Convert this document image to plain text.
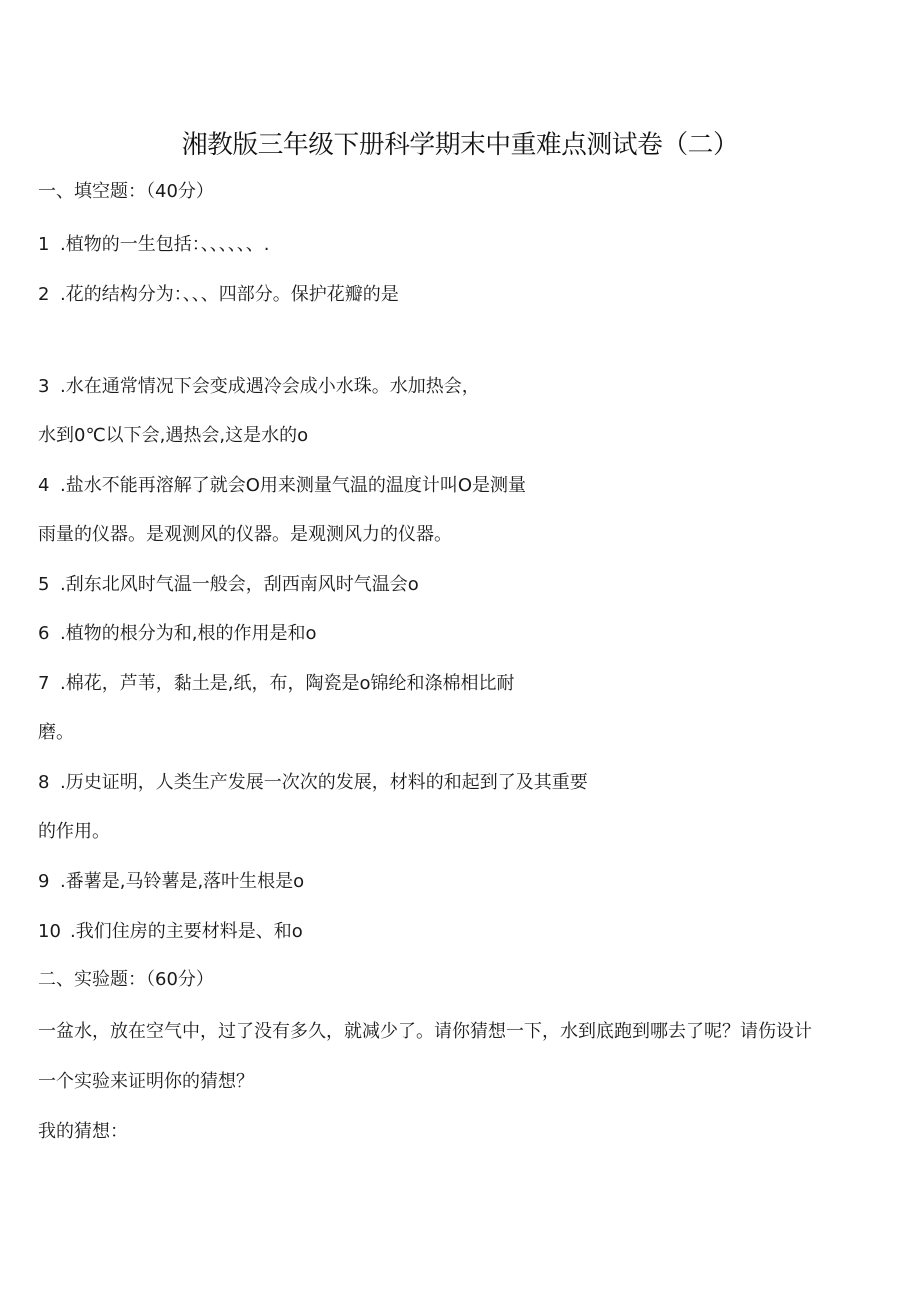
湘教版三年级下册科学期末中重难点测试卷（二）
一、填空题：（40分）
1 .植物的一生包括：、、、、、、.
2 .花的结构分为：、、、四部分。保护花瓣的是
3 .水在通常情况下会变成遇冷会成小水珠。水加热会，
水到0℃以下会,遇热会,这是水的o
4 .盐水不能再溶解了就会O用来测量气温的温度计叫O是测量
雨量的仪器。是观测风的仪器。是观测风力的仪器。
5 .刮东北风时气温一般会，刮西南风时气温会o
6 .植物的根分为和,根的作用是和o
7 .棉花，芦苇，黏土是,纸，布，陶瓷是o锦纶和涤棉相比耐
磨。
8 .历史证明，人类生产发展一次次的发展，材料的和起到了及其重要
的作用。
9 .番薯是,马铃薯是,落叶生根是o
10 .我们住房的主要材料是、和o
二、实验题：（60分）
一盆水，放在空气中，过了没有多久，就减少了。请你猜想一下，水到底跑到哪去了呢？请伤设计
一个实验来证明你的猜想？
我的猜想：
